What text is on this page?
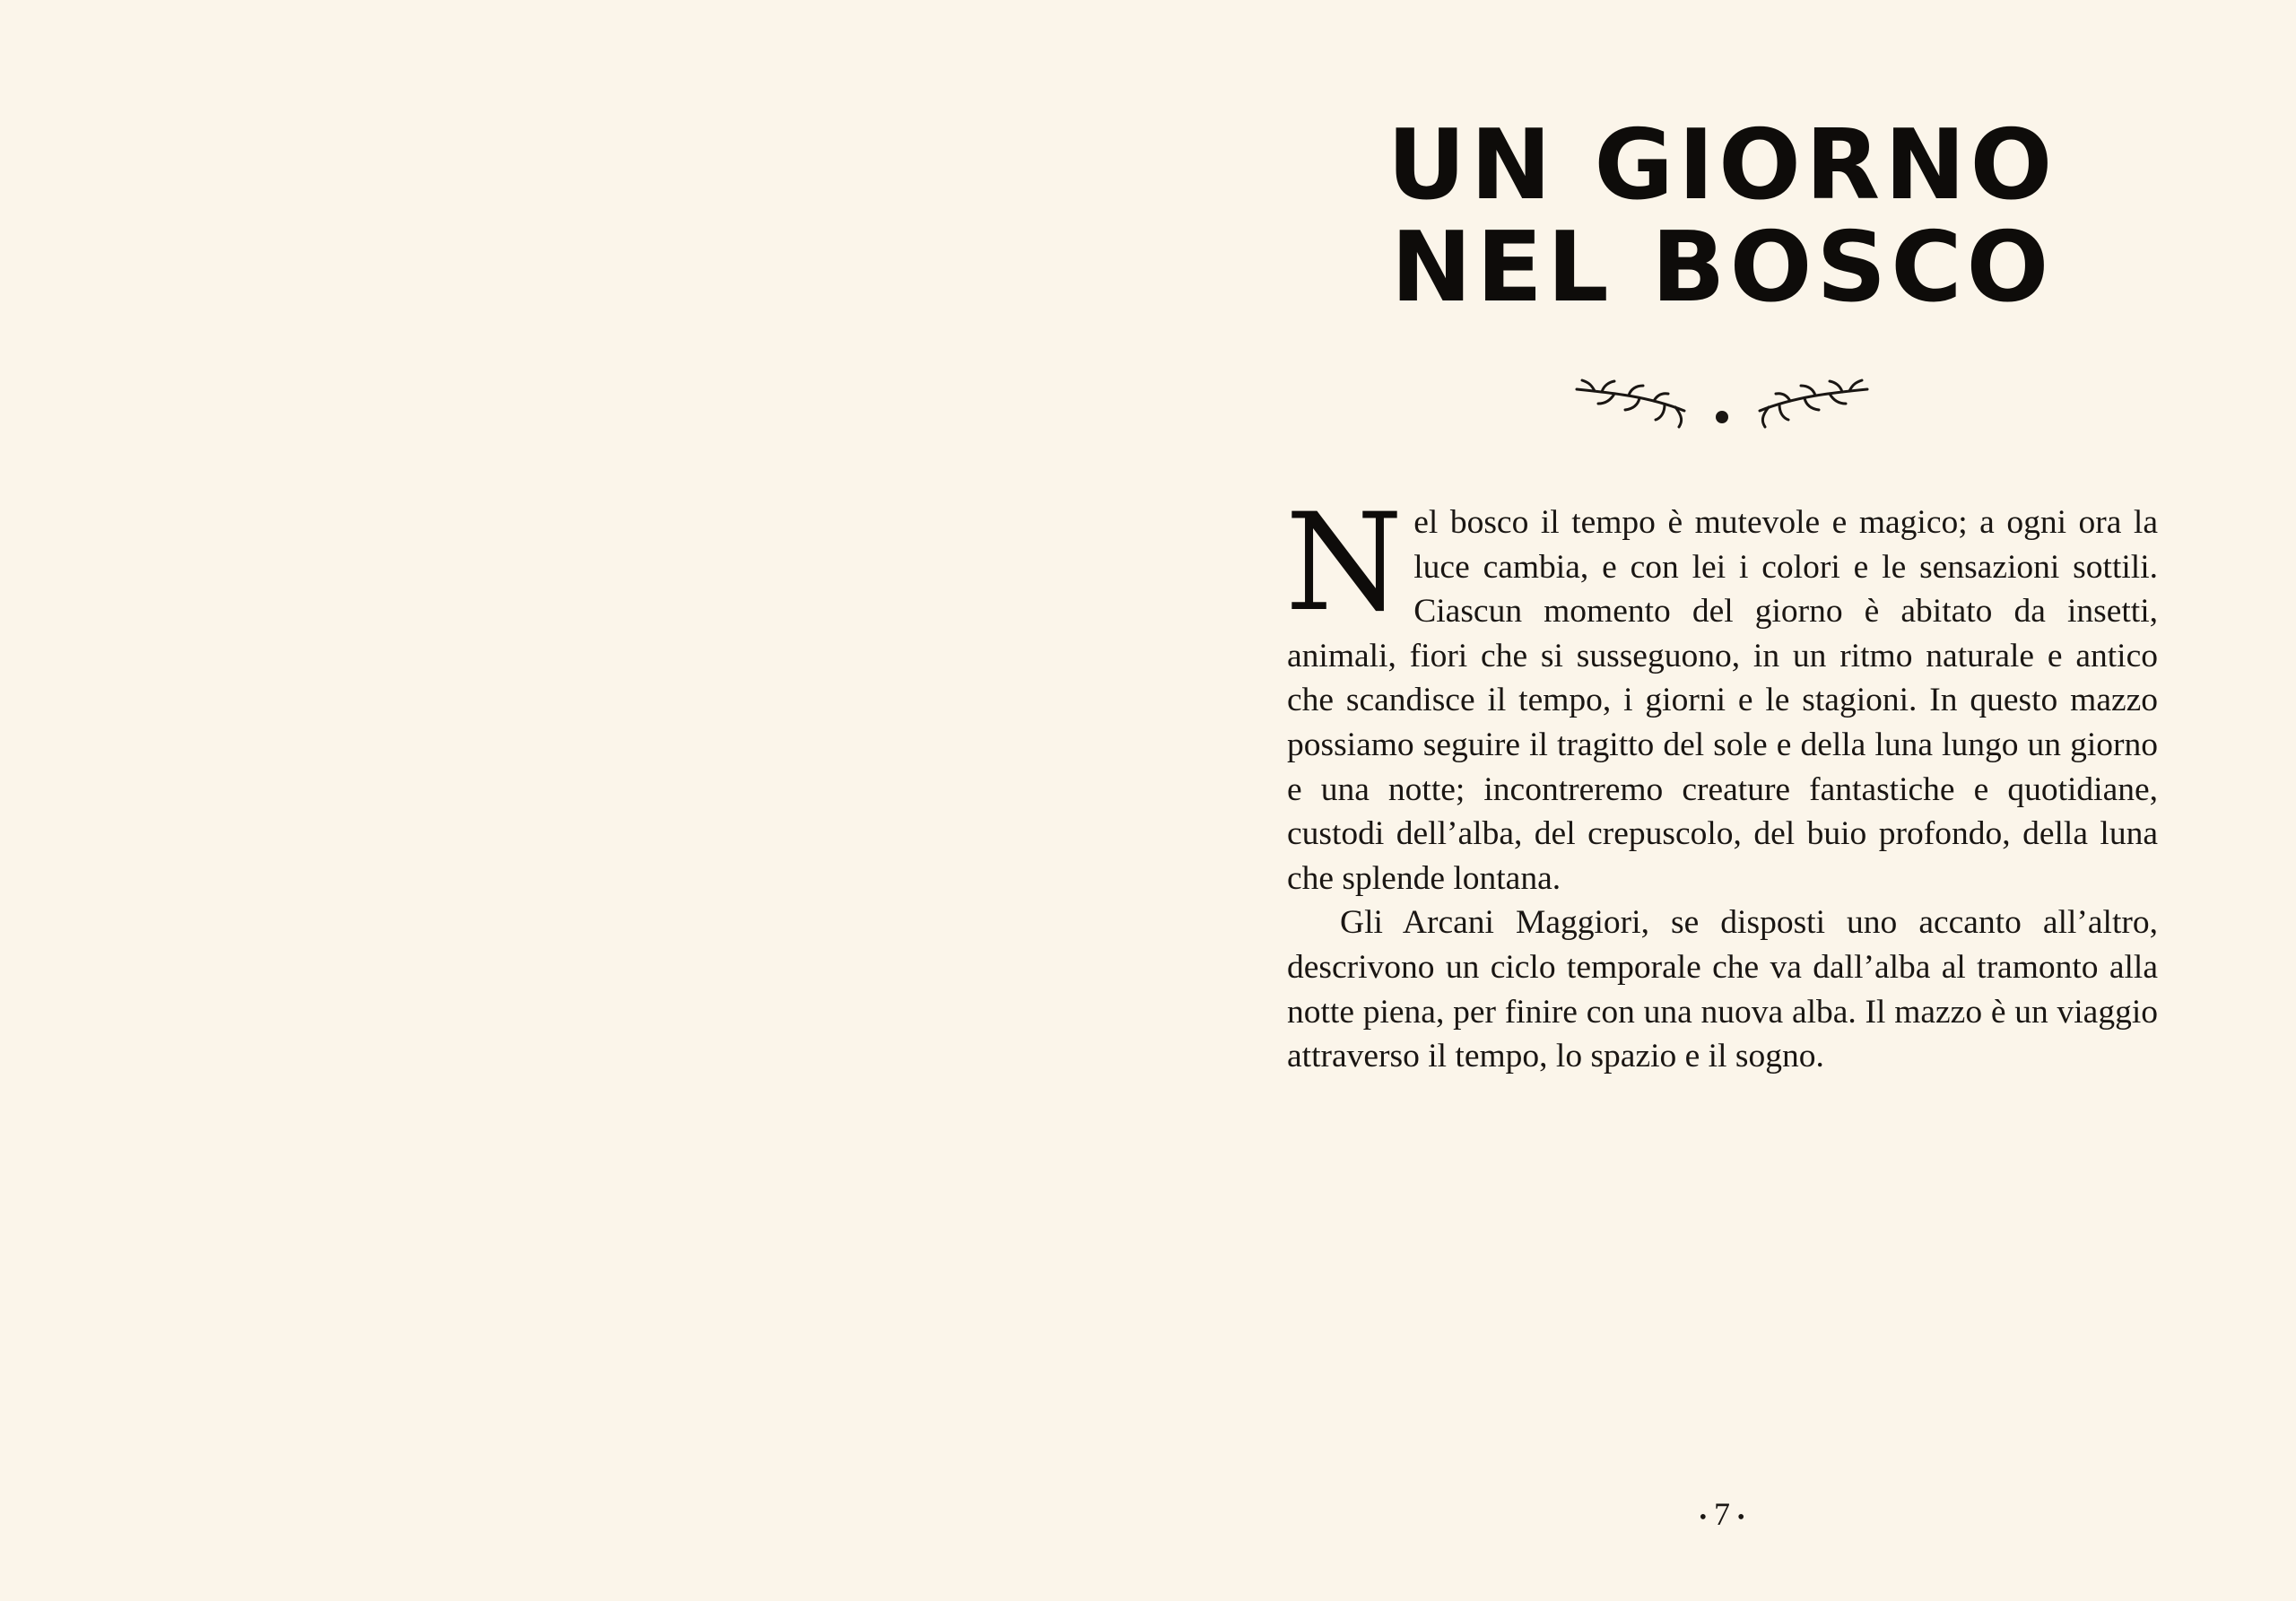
UN GIORNO
NEL BOSCO

Nel bosco il tempo è mutevole e magico; a ogni ora la luce cambia, e con lei i colori e le sensazioni sottili. Ciascun momento del giorno è abitato da insetti, animali, fiori che si susseguono, in un ritmo naturale e antico che scandisce il tempo, i giorni e le stagioni. In questo mazzo possiamo seguire il tragitto del sole e della luna lungo un giorno e una notte; incontreremo creature fantastiche e quotidiane, custodi dell’alba, del crepuscolo, del buio profondo, della luna che splende lontana.

Gli Arcani Maggiori, se disposti uno accanto all’altro, descrivono un ciclo temporale che va dall’alba al tramonto alla notte piena, per finire con una nuova alba. Il mazzo è un viaggio attraverso il tempo, lo spazio e il sogno.

• 7 •
